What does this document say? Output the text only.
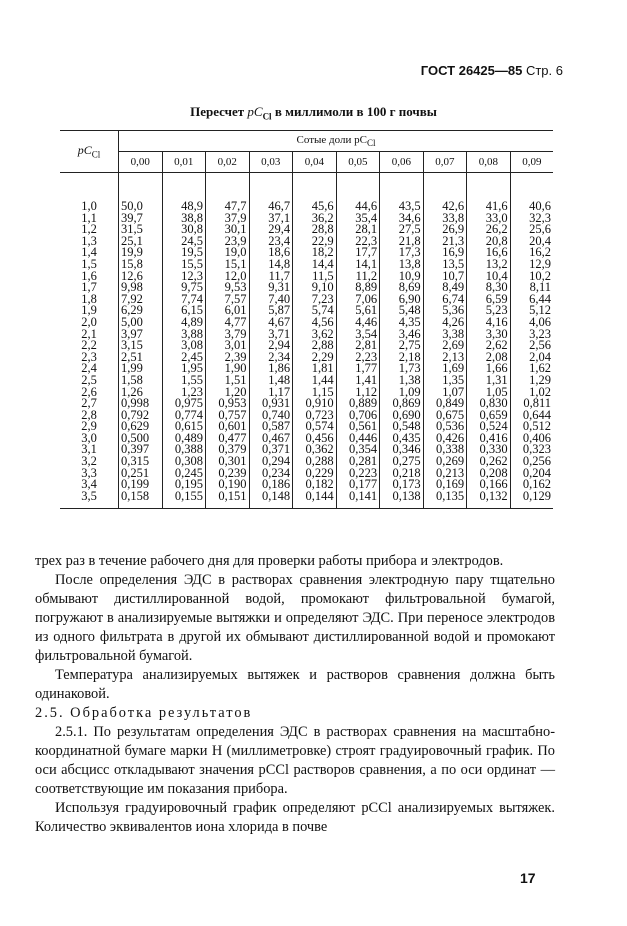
ГОСТ 26425—85 Стр. 6
Пересчет $pC_{Cl}$ в миллимоли в 100 г почвы
$pC_{Cl}$	Сотые доли $pC_{Cl}$
	0,00	0,01	0,02	0,03	0,04	0,05	0,06	0,07	0,08	0,09
1,0	50,0	48,9	47,7	46,7	45,6	44,6	43,5	42,6	41,6	40,6
1,1	39,7	38,8	37,9	37,1	36,2	35,4	34,6	33,8	33,0	32,3
1,2	31,5	30,8	30,1	29,4	28,8	28,1	27,5	26,9	26,2	25,6
1,3	25,1	24,5	23,9	23,4	22,9	22,3	21,8	21,3	20,8	20,4
1,4	19,9	19,5	19,0	18,6	18,2	17,7	17,3	16,9	16,6	16,2
1,5	15,8	15,5	15,1	14,8	14,4	14,1	13,8	13,5	13,2	12,9
1,6	12,6	12,3	12,0	11,7	11,5	11,2	10,9	10,7	10,4	10,2
1,7	9,98	9,75	9,53	9,31	9,10	8,89	8,69	8,49	8,30	8,11
1,8	7,92	7,74	7,57	7,40	7,23	7,06	6,90	6,74	6,59	6,44
1,9	6,29	6,15	6,01	5,87	5,74	5,61	5,48	5,36	5,23	5,12
2,0	5,00	4,89	4,77	4,67	4,56	4,46	4,35	4,26	4,16	4,06
2,1	3,97	3,88	3,79	3,71	3,62	3,54	3,46	3,38	3,30	3,23
2,2	3,15	3,08	3,01	2,94	2,88	2,81	2,75	2,69	2,62	2,56
2,3	2,51	2,45	2,39	2,34	2,29	2,23	2,18	2,13	2,08	2,04
2,4	1,99	1,95	1,90	1,86	1,81	1,77	1,73	1,69	1,66	1,62
2,5	1,58	1,55	1,51	1,48	1,44	1,41	1,38	1,35	1,31	1,29
2,6	1,26	1,23	1,20	1,17	1,15	1,12	1,09	1,07	1,05	1,02
2,7	0,998	0,975	0,953	0,931	0,910	0,889	0,869	0,849	0,830	0,811
2,8	0,792	0,774	0,757	0,740	0,723	0,706	0,690	0,675	0,659	0,644
2,9	0,629	0,615	0,601	0,587	0,574	0,561	0,548	0,536	0,524	0,512
3,0	0,500	0,489	0,477	0,467	0,456	0,446	0,435	0,426	0,416	0,406
3,1	0,397	0,388	0,379	0,371	0,362	0,354	0,346	0,338	0,330	0,323
3,2	0,315	0,308	0,301	0,294	0,288	0,281	0,275	0,269	0,262	0,256
3,3	0,251	0,245	0,239	0,234	0,229	0,223	0,218	0,213	0,208	0,204
3,4	0,199	0,195	0,190	0,186	0,182	0,177	0,173	0,169	0,166	0,162
3,5	0,158	0,155	0,151	0,148	0,144	0,141	0,138	0,135	0,132	0,129

трех раз в течение рабочего дня для проверки работы прибора и электродов.

После определения ЭДС в растворах сравнения электродную пару тщательно обмывают дистиллированной водой, промокают фильтровальной бумагой, погружают в анализируемые вытяжки и определяют ЭДС. При переносе электродов из одного фильтрата в другой их обмывают дистиллированной водой и промокают фильтровальной бумагой.

Температура анализируемых вытяжек и растворов сравнения должна быть одинаковой.

2.5. Обработка результатов

2.5.1. По результатам определения ЭДС в растворах сравнения на масштабно-координатной бумаге марки Н (миллиметровке) строят градуировочный график. По оси абсцисс откладывают значения pCCl растворов сравнения, а по оси ординат — соответствующие им показания прибора.

Используя градуировочный график определяют pCCl анализируемых вытяжек. Количество эквивалентов иона хлорида в почве

17
